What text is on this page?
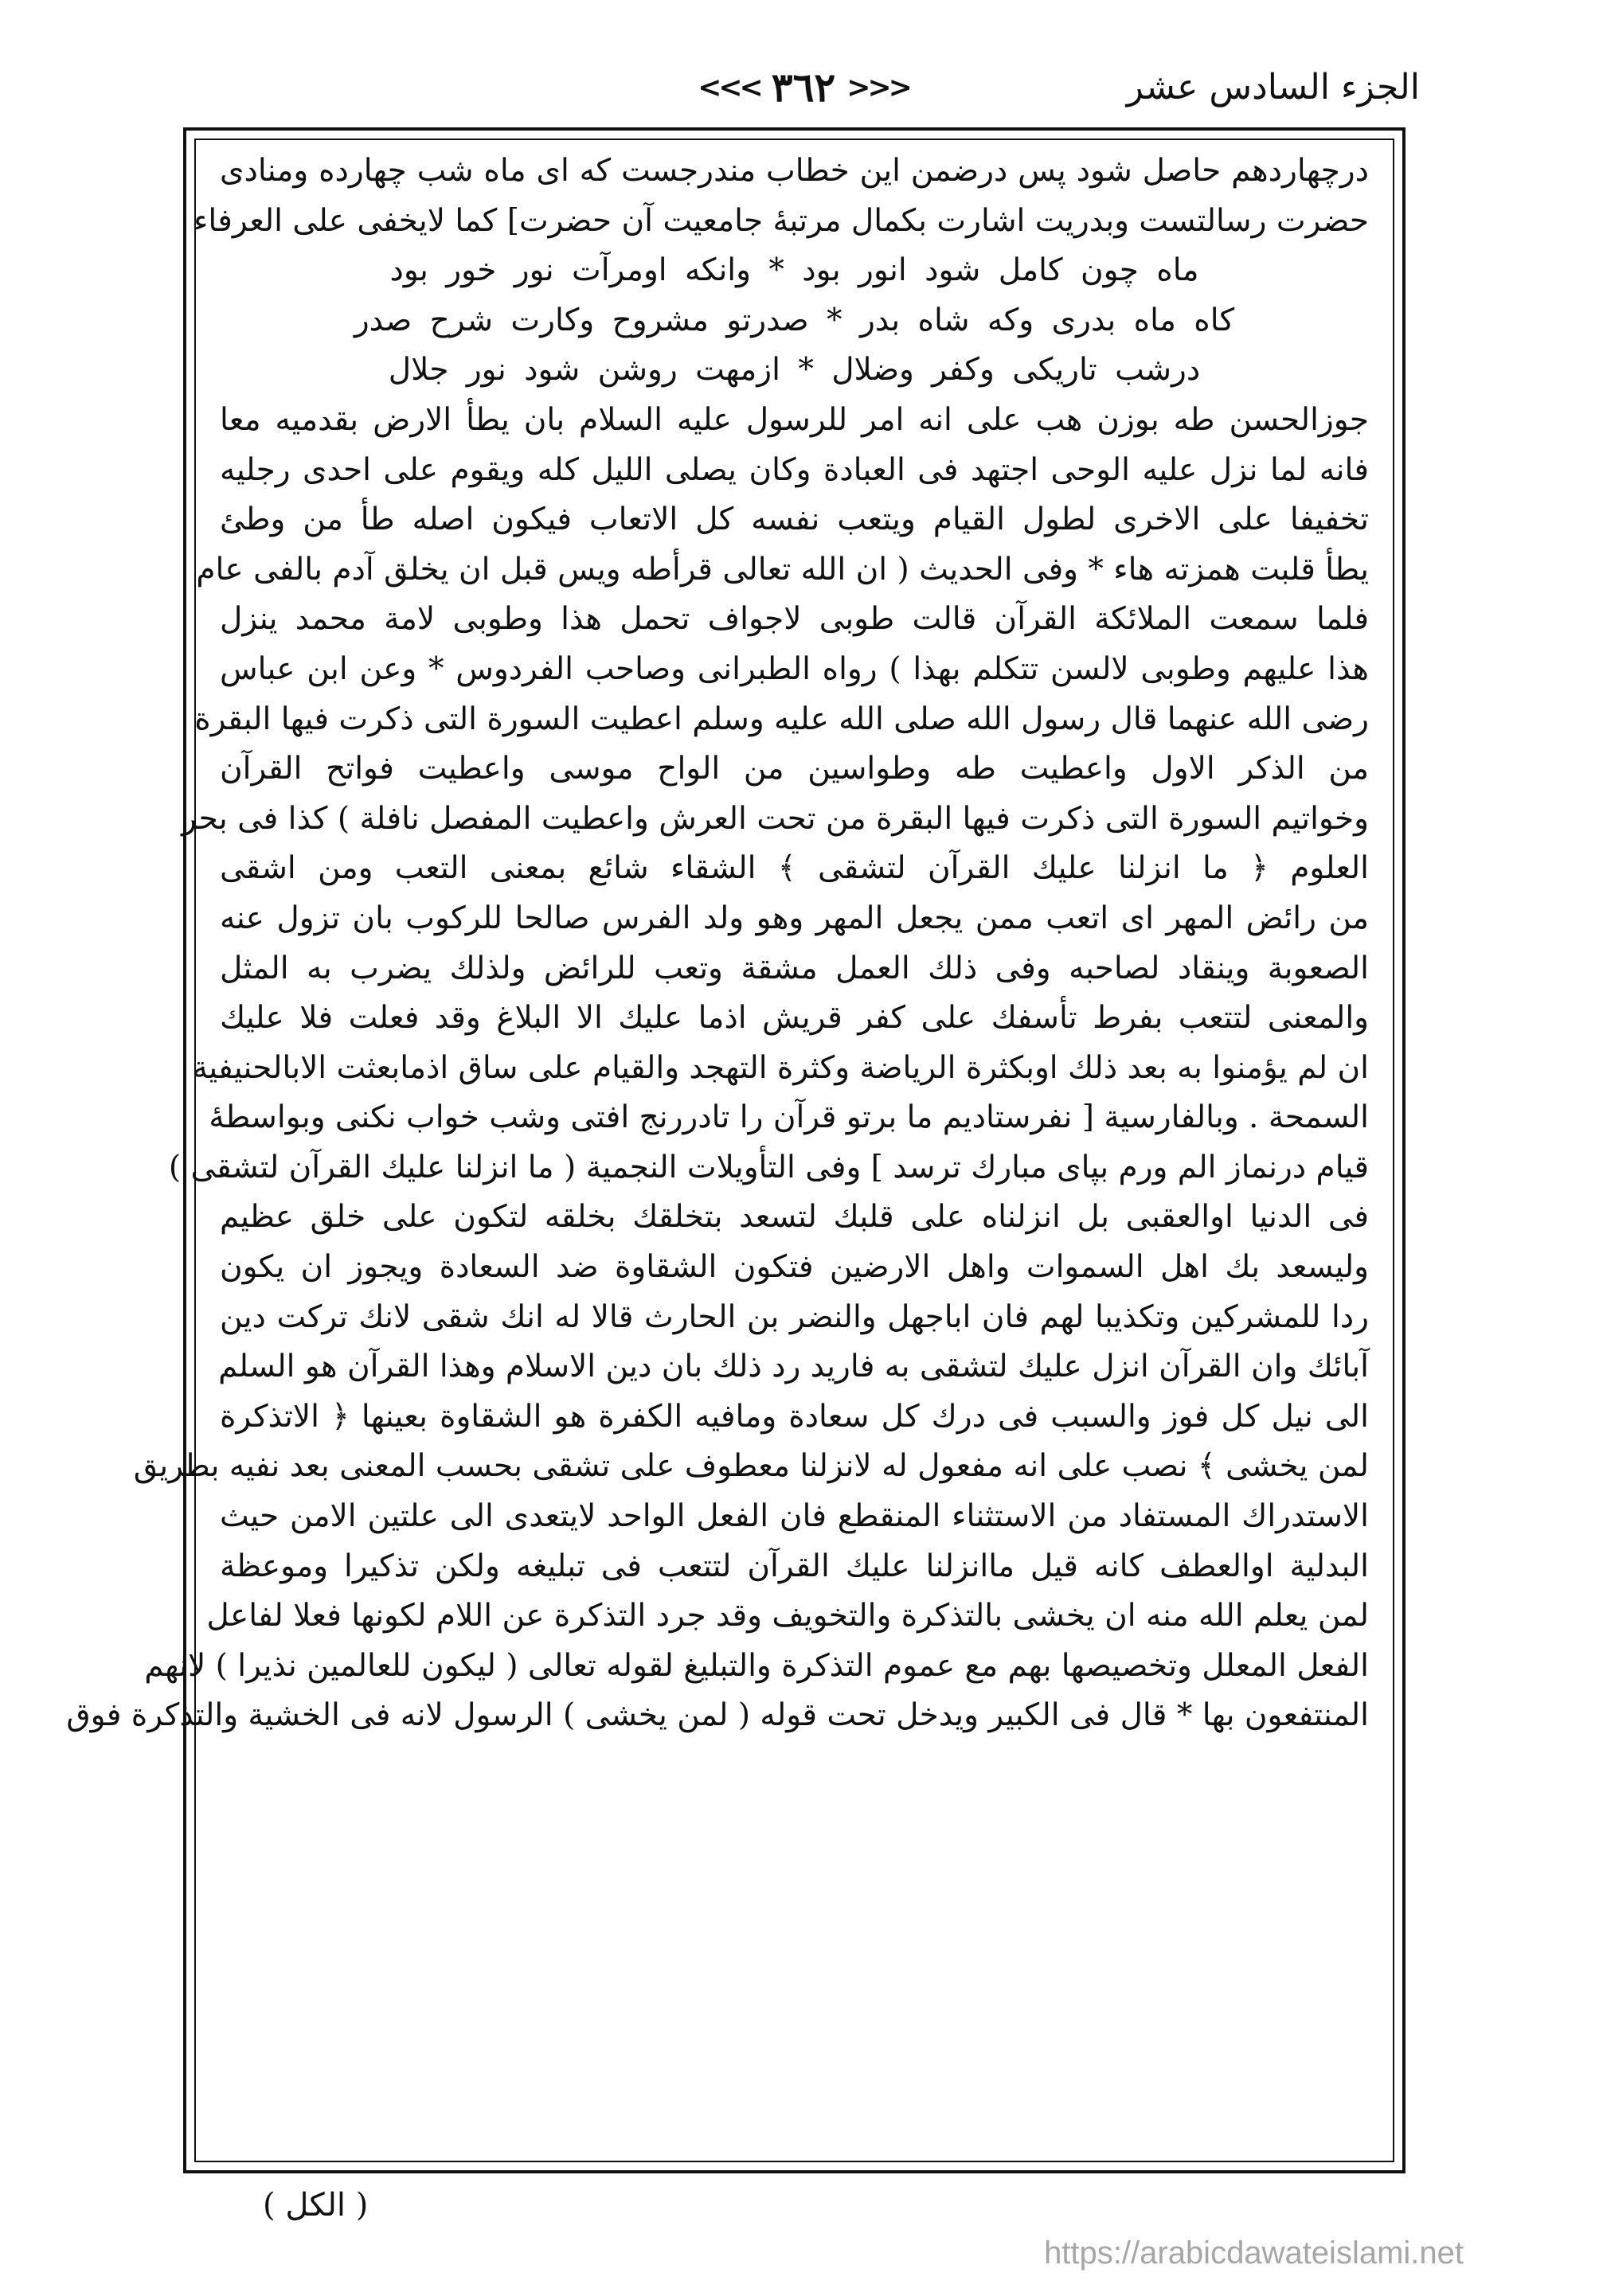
الجزء السادس عشر
<<<
٣٦٢
>>>
درچهاردهم حاصل شود پس درضمن این خطاب مندرجست كه ای ماه شب چهارده ومنادى
حضرت رسالتست وبدريت اشارت بكمال مرتبهٔ جامعيت آن حضرت] كما لايخفى على العرفاء
ماه چون كامل شود انور بود * وانكه اومرآت نور خور بود
كاه ماه بدری وكه شاه بدر * صدرتو مشروح وكارت شرح صدر
درشب تاريكى وكفر وضلال * ازمهت روشن شود نور جلال
جوزالحسن طه بوزن هب على انه امر للرسول عليه السلام بان يطأ الارض بقدميه معا
فانه لما نزل عليه الوحى اجتهد فى العبادة وكان يصلى الليل كله ويقوم على احدى رجليه
تخفيفا على الاخرى لطول القيام ويتعب نفسه كل الاتعاب فيكون اصله طأ من وطئ
يطأ قلبت همزته هاء * وفى الحديث ( ان الله تعالى قرأطه ويس قبل ان يخلق آدم بالفى عام
فلما سمعت الملائكة القرآن قالت طوبى لاجواف تحمل هذا وطوبى لامة محمد ينزل
هذا عليهم وطوبى لالسن تتكلم بهذا ) رواه الطبرانى وصاحب الفردوس * وعن ابن عباس
رضى الله عنهما قال رسول الله صلى الله عليه وسلم اعطيت السورة التى ذكرت فيها البقرة
من الذكر الاول واعطيت طه وطواسين من الواح موسى واعطيت فواتح القرآن
وخواتيم السورة التى ذكرت فيها البقرة من تحت العرش واعطيت المفصل نافلة ) كذا فى بحر
العلوم ﴿ ما انزلنا عليك القرآن لتشقى ﴾ الشقاء شائع بمعنى التعب ومن اشقى
من رائض المهر اى اتعب ممن يجعل المهر وهو ولد الفرس صالحا للركوب بان تزول عنه
الصعوبة وينقاد لصاحبه وفى ذلك العمل مشقة وتعب للرائض ولذلك يضرب به المثل
والمعنى لتتعب بفرط تأسفك على كفر قريش اذما عليك الا البلاغ وقد فعلت فلا عليك
ان لم يؤمنوا به بعد ذلك اوبكثرة الرياضة وكثرة التهجد والقيام على ساق اذمابعثت الابالحنيفية
السمحة . وبالفارسية [ نفرستاديم ما برتو قرآن را تادررنج افتى وشب خواب نكنى وبواسطهٔ
قيام درنماز الم ورم بپاى مبارك ترسد ] وفى التأويلات النجمية ( ما انزلنا عليك القرآن لتشقى )
فى الدنيا اوالعقبى بل انزلناه على قلبك لتسعد بتخلقك بخلقه لتكون على خلق عظيم
وليسعد بك اهل السموات واهل الارضين فتكون الشقاوة ضد السعادة ويجوز ان يكون
ردا للمشركين وتكذيبا لهم فان اباجهل والنضر بن الحارث قالا له انك شقى لانك تركت دين
آبائك وان القرآن انزل عليك لتشقى به فاريد رد ذلك بان دين الاسلام وهذا القرآن هو السلم
الى نيل كل فوز والسبب فى درك كل سعادة ومافيه الكفرة هو الشقاوة بعينها ﴿ الاتذكرة
لمن يخشى ﴾ نصب على انه مفعول له لانزلنا معطوف على تشقى بحسب المعنى بعد نفيه بطريق
الاستدراك المستفاد من الاستثناء المنقطع فان الفعل الواحد لايتعدى الى علتين الامن حيث
البدلية اوالعطف كانه قيل ماانزلنا عليك القرآن لتتعب فى تبليغه ولكن تذكيرا وموعظة
لمن يعلم الله منه ان يخشى بالتذكرة والتخويف وقد جرد التذكرة عن اللام لكونها فعلا لفاعل
الفعل المعلل وتخصيصها بهم مع عموم التذكرة والتبليغ لقوله تعالى ( ليكون للعالمين نذيرا ) لانهم
المنتفعون بها * قال فى الكبير ويدخل تحت قوله ( لمن يخشى ) الرسول لانه فى الخشية والتذكرة فوق
( الكل )
https://arabicdawateislami.net
